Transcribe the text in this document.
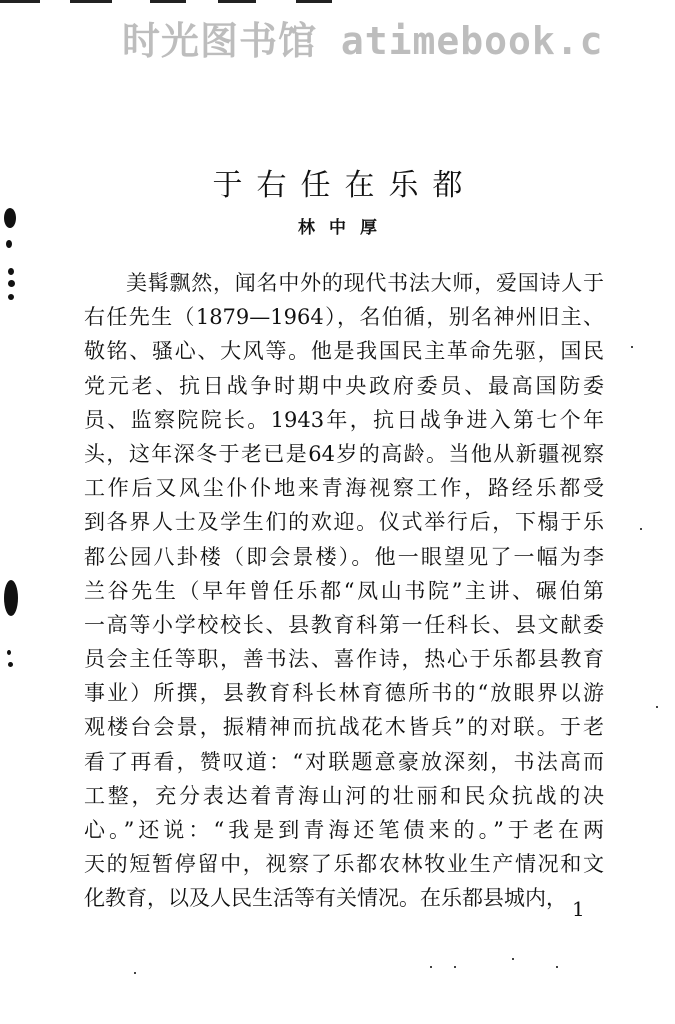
时光图书馆 atimebook.c
于右任在乐都
林中厚
美髯飘然，闻名中外的现代书法大师，爱国诗人于
右任先生（1879—1964），名伯循，别名神州旧主、
敬铭、骚心、大风等。他是我国民主革命先驱，国民
党元老、抗日战争时期中央政府委员、最高国防委
员、监察院院长。1943年，抗日战争进入第七个年
头，这年深冬于老已是64岁的高龄。当他从新疆视察
工作后又风尘仆仆地来青海视察工作，路经乐都受
到各界人士及学生们的欢迎。仪式举行后，下榻于乐
都公园八卦楼（即会景楼）。他一眼望见了一幅为李
兰谷先生（早年曾任乐都“凤山书院”主讲、碾伯第
一高等小学校校长、县教育科第一任科长、县文献委
员会主任等职，善书法、喜作诗，热心于乐都县教育
事业）所撰，县教育科长林育德所书的“放眼界以游
观楼台会景，振精神而抗战花木皆兵”的对联。于老
看了再看，赞叹道：“对联题意豪放深刻，书法高而
工整，充分表达着青海山河的壮丽和民众抗战的决
心。”还说：“我是到青海还笔债来的。”于老在两
天的短暂停留中，视察了乐都农林牧业生产情况和文
化教育，以及人民生活等有关情况。在乐都县城内， 1
